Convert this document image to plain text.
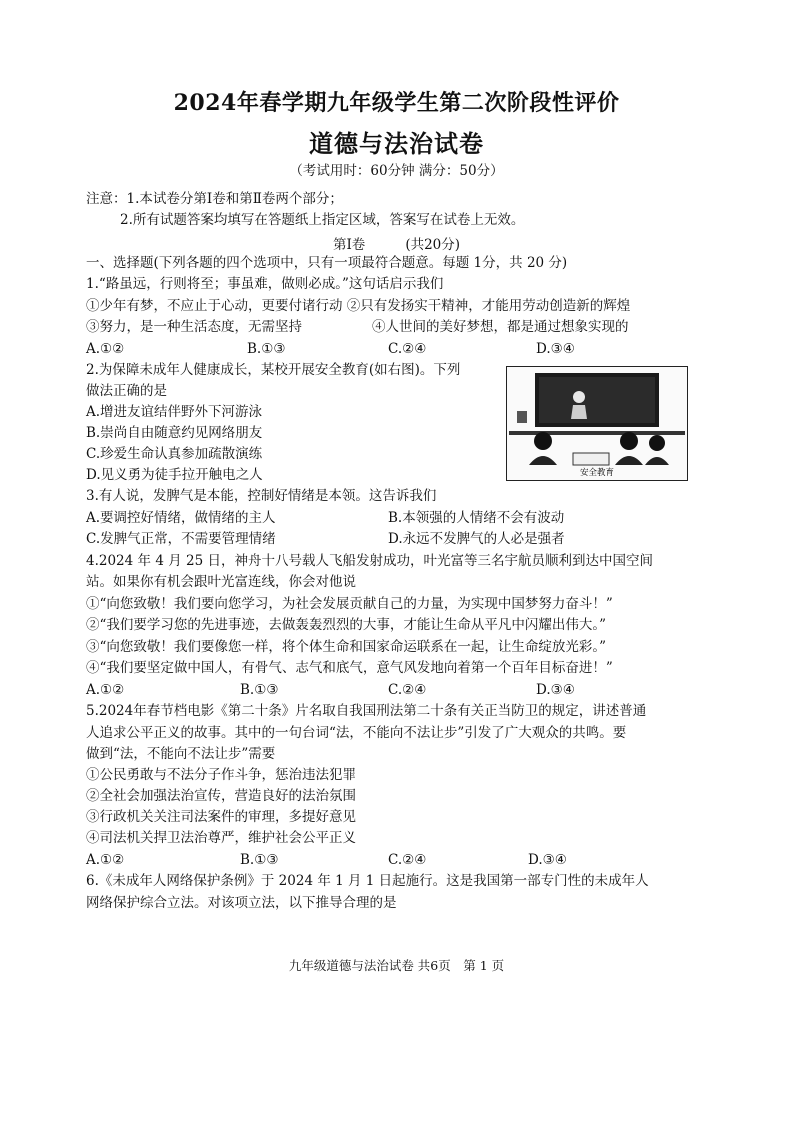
2024年春学期九年级学生第二次阶段性评价
道德与法治试卷
（考试用时：60分钟 满分：50分）
注意：1.本试卷分第Ⅰ卷和第Ⅱ卷两个部分；
2.所有试题答案均填写在答题纸上指定区域，答案写在试卷上无效。
第Ⅰ卷	(共20分)
一、选择题(下列各题的四个选项中，只有一项最符合题意。每题 1分，共 20 分)
1.“路虽远，行则将至；事虽难，做则必成。”这句话启示我们
①少年有梦，不应止于心动，更要付诸行动 ②只有发扬实干精神，才能用劳动创造新的辉煌
③努力，是一种生活态度，无需坚持	④人世间的美好梦想，都是通过想象实现的
A.①②	B.①③	C.②④	D.③④
2.为保障未成年人健康成长，某校开展安全教育(如右图)。下列
做法正确的是
A.增进友谊结伴野外下河游泳
B.崇尚自由随意约见网络朋友
C.珍爱生命认真参加疏散演练
D.见义勇为徒手拉开触电之人	安全教育
3.有人说，发脾气是本能，控制好情绪是本领。这告诉我们
A.要调控好情绪，做情绪的主人	B.本领强的人情绪不会有波动
C.发脾气正常，不需要管理情绪	D.永远不发脾气的人必是强者
4.2024 年 4 月 25 日，神舟十八号载人飞船发射成功，叶光富等三名宇航员顺利到达中国空间
站。如果你有机会跟叶光富连线，你会对他说
①“向您致敬！我们要向您学习，为社会发展贡献自己的力量，为实现中国梦努力奋斗！”
②“我们要学习您的先进事迹，去做轰轰烈烈的大事，才能让生命从平凡中闪耀出伟大。”
③“向您致敬！我们要像您一样，将个体生命和国家命运联系在一起，让生命绽放光彩。”
④“我们要坚定做中国人，有骨气、志气和底气，意气风发地向着第一个百年目标奋进！”
A.①②	B.①③	C.②④	D.③④
5.2024年春节档电影《第二十条》片名取自我国刑法第二十条有关正当防卫的规定，讲述普通
人追求公平正义的故事。其中的一句台词“法，不能向不法让步”引发了广大观众的共鸣。要
做到“法，不能向不法让步”需要
①公民勇敢与不法分子作斗争，惩治违法犯罪
②全社会加强法治宣传，营造良好的法治氛围
③行政机关关注司法案件的审理，多提好意见
④司法机关捍卫法治尊严，维护社会公平正义
A.①②	B.①③	C.②④	D.③④
6.《未成年人网络保护条例》于 2024 年 1 月 1 日起施行。这是我国第一部专门性的未成年人
网络保护综合立法。对该项立法，以下推导合理的是
九年级道德与法治试卷 共6页　第 1 页
